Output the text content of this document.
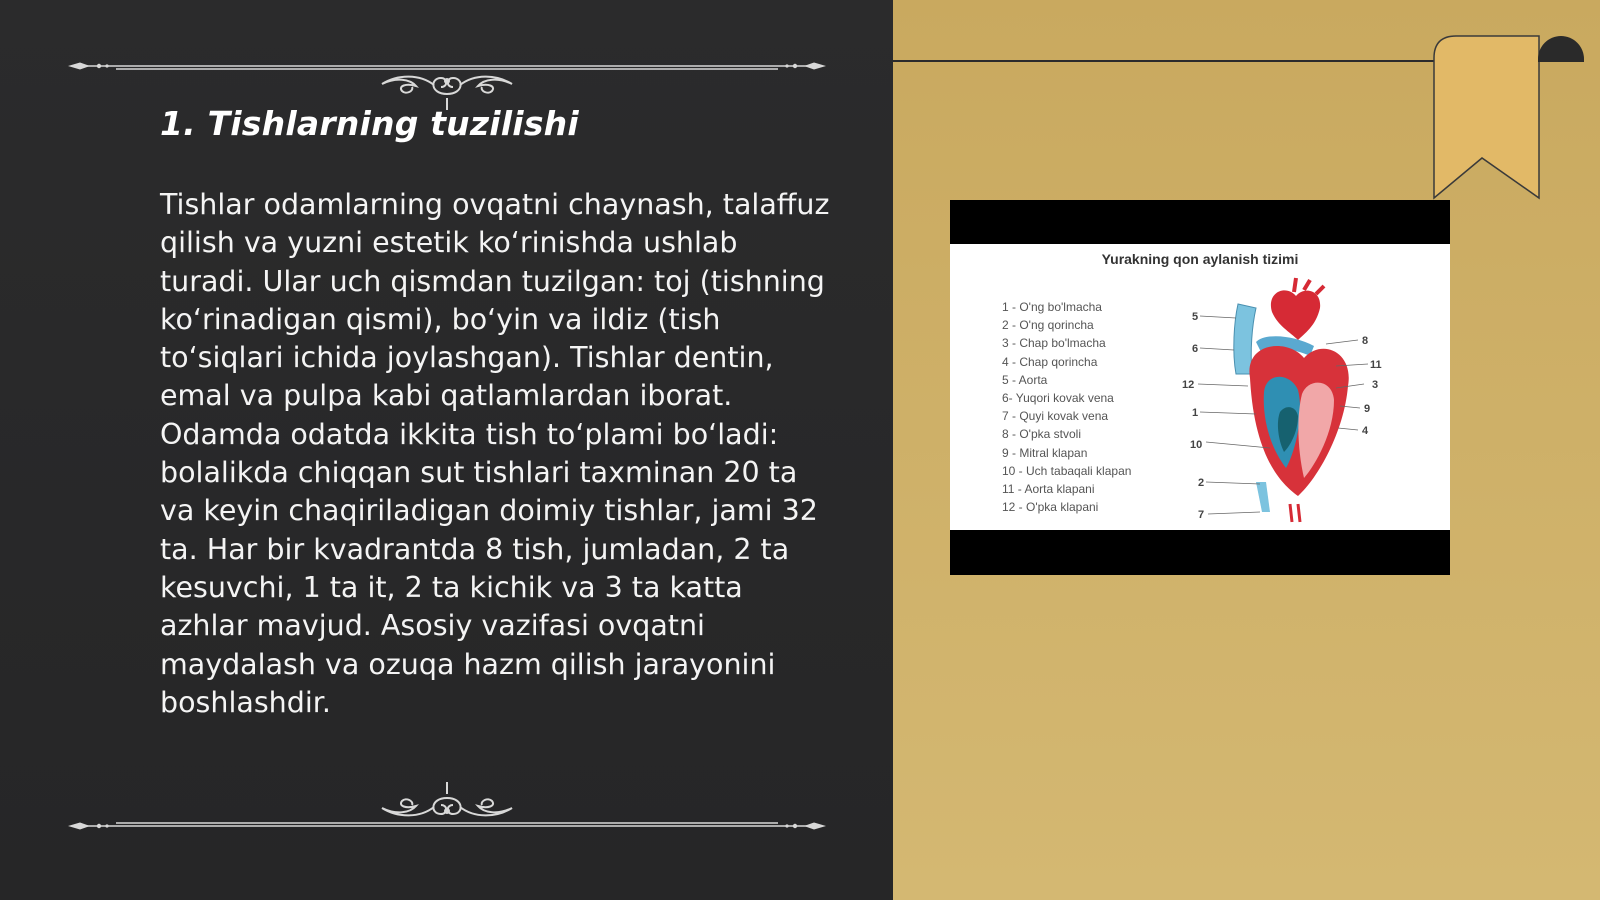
1. Tishlarning tuzilishi

Tishlar odamlarning ovqatni chaynash, talaffuz qilish va yuzni estetik ko‘rinishda ushlab turadi. Ular uch qismdan tuzilgan: toj (tishning ko‘rinadigan qismi), bo‘yin va ildiz (tish to‘siqlari ichida joylashgan). Tishlar dentin, emal va pulpa kabi qatlamlardan iborat. Odamda odatda ikkita tish to‘plami bo‘ladi: bolalikda chiqqan sut tishlari taxminan 20 ta va keyin chaqiriladigan doimiy tishlar, jami 32 ta. Har bir kvadrantda 8 tish, jumladan, 2 ta kesuvchi, 1 ta it, 2 ta kichik va 3 ta katta azhlar mavjud. Asosiy vazifasi ovqatni maydalash va ozuqa hazm qilish jarayonini boshlashdir.

Yurakning qon aylanish tizimi
1 - O'ng bo'lmacha
2 - O'ng qorincha
3 - Chap bo'lmacha
4 - Chap qorincha
5 - Aorta
6- Yuqori kovak vena
7 - Quyi kovak vena
8 - O'pka stvoli
9 - Mitral klapan
10 - Uch tabaqali klapan
11 - Aorta klapani
12 - O'pka klapani
5
6
12
1
10
2
7
8
11
3
9
4
